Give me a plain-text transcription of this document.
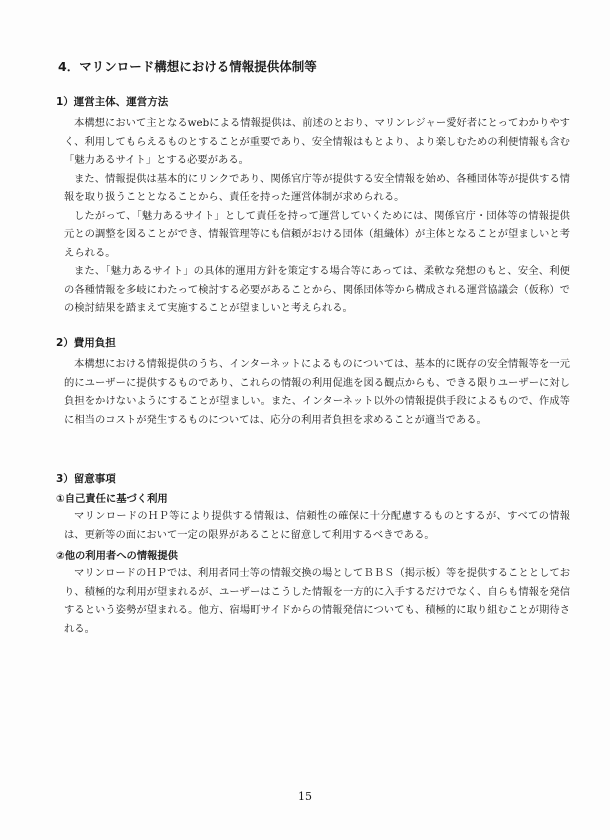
4．マリンロード構想における情報提供体制等
1）運営主体、運営方法

本構想において主となるwebによる情報提供は、前述のとおり、マリンレジャー愛好者にとってわかりやすく、利用してもらえるものとすることが重要であり、安全情報はもとより、より楽しむための利便情報も含む「魅力あるサイト」とする必要がある。

また、情報提供は基本的にリンクであり、関係官庁等が提供する安全情報を始め、各種団体等が提供する情報を取り扱うこととなることから、責任を持った運営体制が求められる。

したがって、「魅力あるサイト」として責任を持って運営していくためには、関係官庁・団体等の情報提供元との調整を図ることができ、情報管理等にも信頼がおける団体（組織体）が主体となることが望ましいと考えられる。

また、「魅力あるサイト」の具体的運用方針を策定する場合等にあっては、柔軟な発想のもと、安全、利便の各種情報を多岐にわたって検討する必要があることから、関係団体等から構成される運営協議会（仮称）での検討結果を踏まえて実施することが望ましいと考えられる。

2）費用負担

本構想における情報提供のうち、インターネットによるものについては、基本的に既存の安全情報等を一元的にユーザーに提供するものであり、これらの情報の利用促進を図る観点からも、できる限りユーザーに対し負担をかけないようにすることが望ましい。また、インターネット以外の情報提供手段によるもので、作成等に相当のコストが発生するものについては、応分の利用者負担を求めることが適当である。

3）留意事項
①自己責任に基づく利用

マリンロードのＨＰ等により提供する情報は、信頼性の確保に十分配慮するものとするが、すべての情報は、更新等の面において一定の限界があることに留意して利用するべきである。

②他の利用者への情報提供

マリンロードのＨＰでは、利用者同士等の情報交換の場としてＢＢＳ（掲示板）等を提供することとしており、積極的な利用が望まれるが、ユーザーはこうした情報を一方的に入手するだけでなく、自らも情報を発信するという姿勢が望まれる。他方、宿場町サイドからの情報発信についても、積極的に取り組むことが期待される。

15
